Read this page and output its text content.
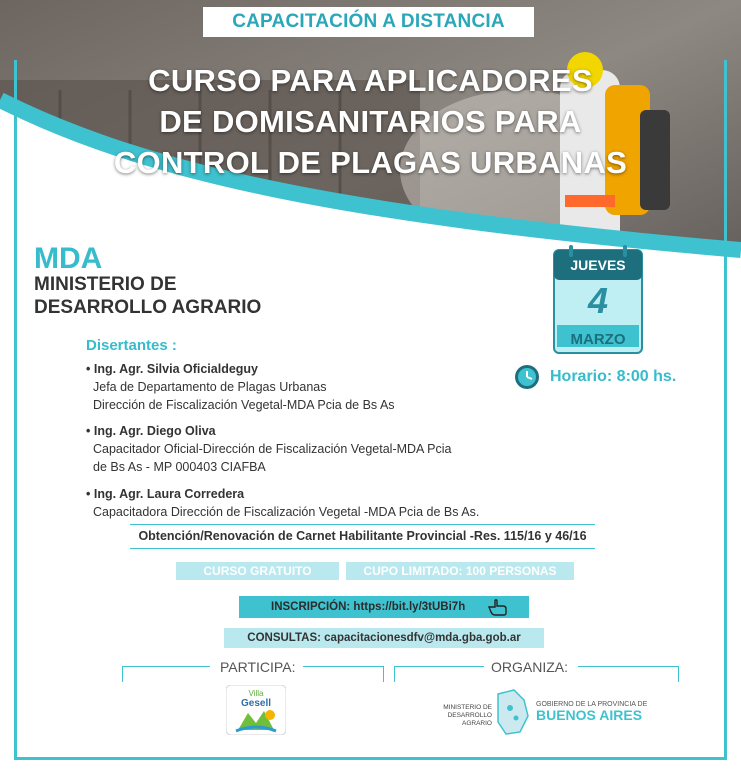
CAPACITACIÓN A DISTANCIA
CURSO PARA APLICADORES
DE DOMISANITARIOS PARA
CONTROL DE PLAGAS URBANAS
MDA
MINISTERIO DE
DESARROLLO AGRARIO
JUEVES
4
MARZO
Horario: 8:00 hs.
Disertantes :
• Ing. Agr. Silvia Oficialdeguy
Jefa de Departamento de Plagas Urbanas
Dirección de Fiscalización Vegetal-MDA Pcia de Bs As
• Ing. Agr. Diego Oliva
Capacitador Oficial-Dirección de Fiscalización Vegetal-MDA Pcia
de Bs As - MP 000403 CIAFBA
• Ing. Agr. Laura Corredera
Capacitadora Dirección de Fiscalización Vegetal -MDA Pcia de Bs As.
Obtención/Renovación de Carnet Habilitante Provincial -Res. 115/16 y 46/16
CURSO GRATUITO	CUPO LIMITADO: 100 PERSONAS
INSCRIPCIÓN: https://bit.ly/3tUBi7h
CONSULTAS: capacitacionesdfv@mda.gba.gob.ar
PARTICIPA:	ORGANIZA:
Villa
Gesell	MINISTERIO DE
DESARROLLO AGRARIO
GOBIERNO DE LA PROVINCIA DE
BUENOS AIRES
